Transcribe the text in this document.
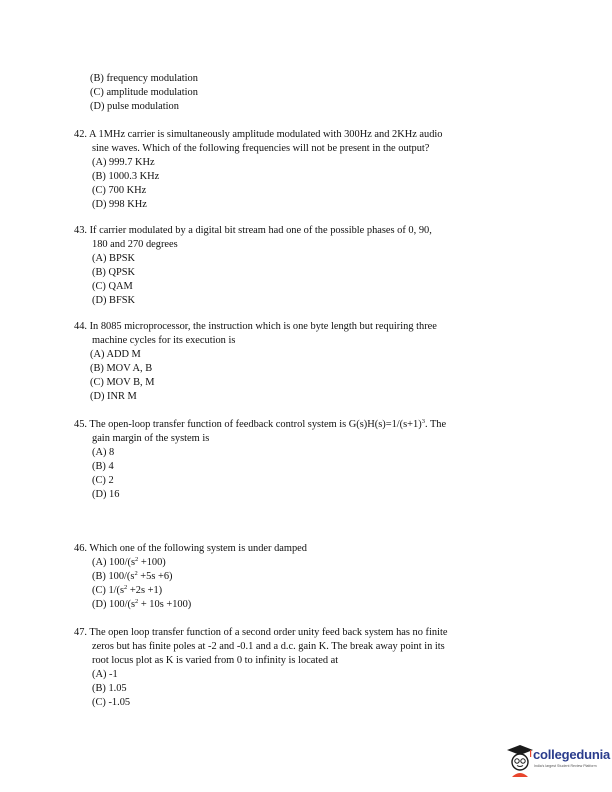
(B) frequency modulation
(C) amplitude modulation
(D) pulse modulation
42. A 1MHz carrier is simultaneously amplitude modulated with 300Hz and 2KHz audio
sine waves. Which of the following frequencies will not be present in the output?
(A) 999.7 KHz
(B) 1000.3 KHz
(C) 700 KHz
(D) 998 KHz
43. If carrier modulated by a digital bit stream had one of the possible phases of 0, 90,
180 and 270 degrees
(A) BPSK
(B) QPSK
(C) QAM
(D) BFSK
44. In 8085 microprocessor, the instruction which is one byte length but requiring three
machine cycles for its execution is
(A) ADD M
(B) MOV A, B
(C) MOV B, M
(D) INR M
45. The open-loop transfer function of feedback control system is $G(s)H(s)=1/(s+1)^3$. The
gain margin of the system is
(A) 8
(B) 4
(C) 2
(D) 16
46. Which one of the following system is under damped
(A) $100/(s^2 +100)$
(B) $100/(s^2 +5s +6)$
(C) $1/(s^2 +2s +1)$
(D) $100/(s^2 + 10s +100)$
47. The open loop transfer function of a second order unity feed back system has no finite
zeros but has finite poles at -2 and -0.1 and a d.c. gain K. The break away point in its
root locus plot as K is varied from 0 to infinity is located at
(A) -1
(B) 1.05
(C) -1.05
collegedunia
India's largest Student Review Platform
